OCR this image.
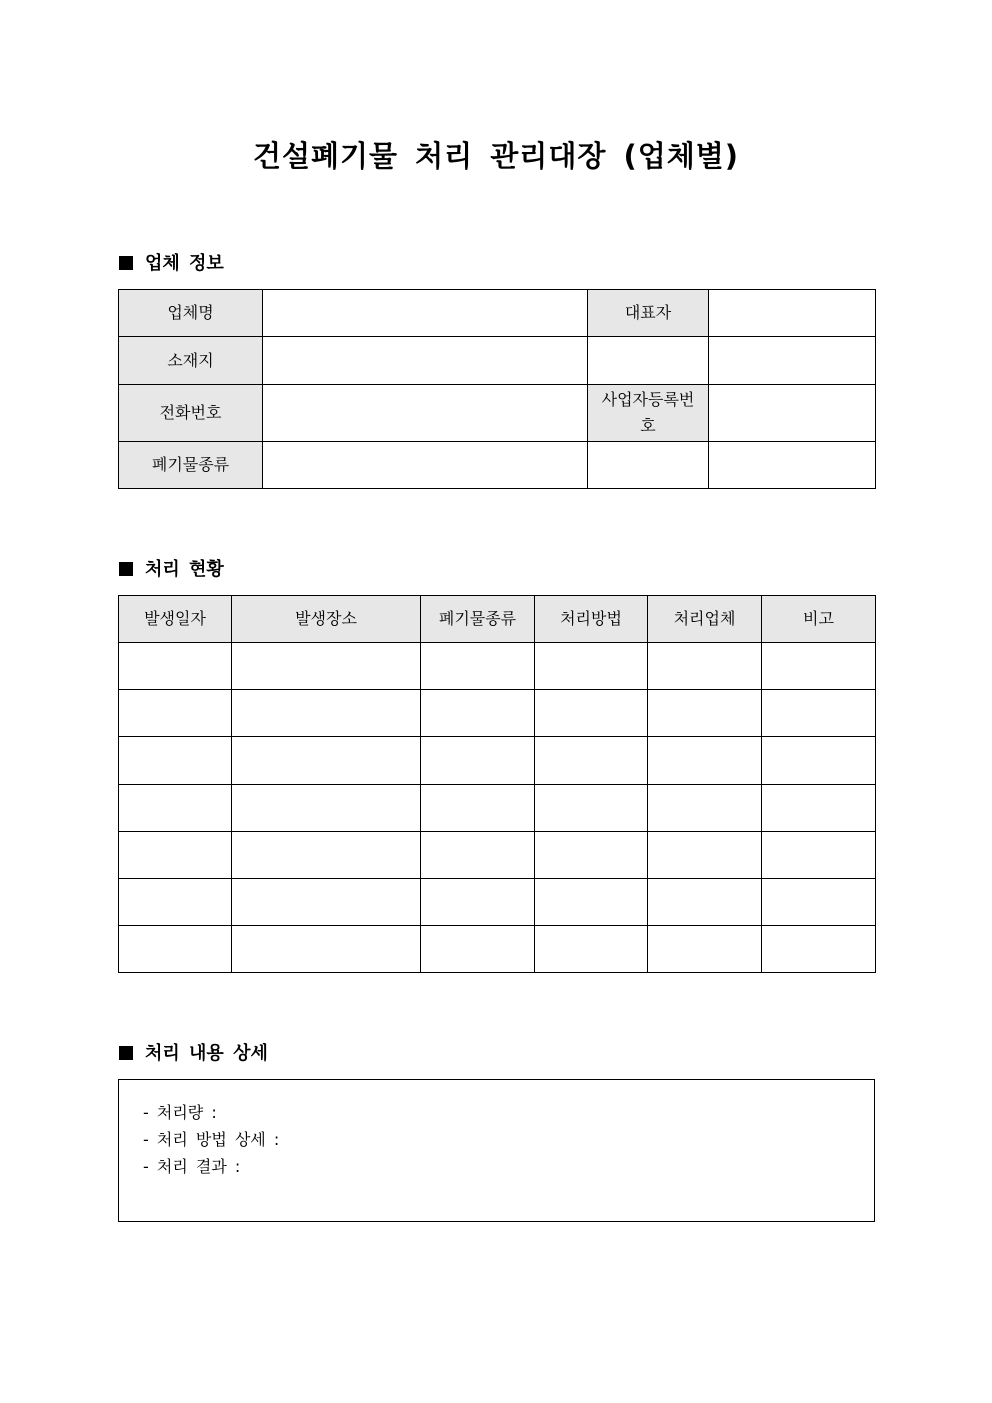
건설폐기물 처리 관리대장 (업체별)
업체 정보
업체명		대표자	
소재지			
전화번호		사업자등록번호	
폐기물종류			
처리 현황
발생일자	발생장소	폐기물종류	처리방법	처리업체	비고

처리 내용 상세
- 처리량 :
- 처리 방법 상세 :
- 처리 결과 :
